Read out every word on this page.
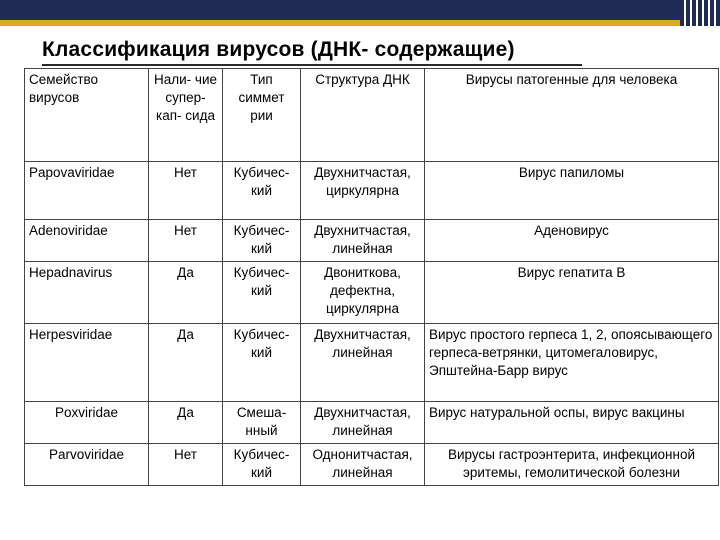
Классификация вирусов (ДНК- содержащие)
Семейство вирусов	Нали- чие супер- кап- сида	Тип симмет рии	Структура ДНК	Вирусы патогенные для человека
Papovaviridae	Нет	Кубичес- кий	Двухнитчастая, циркулярна	Вирус папиломы
Adenoviridae	Нет	Кубичес- кий	Двухнитчастая, линейная	Аденовирус
Hepadnavirus	Да	Кубичес- кий	Двониткова, дефектна, циркулярна	Вирус гепатита В
Herpesviridae	Да	Кубичес- кий	Двухнитчастая, линейная	Вирус простого герпеса 1, 2, опоясывающего герпеса-ветрянки, цитомегаловирус, Эпштейна-Барр вирус
Poxviridae	Да	Смеша- нный	Двухнитчастая, линейная	Вирус натуральной оспы, вирус вакцины
Parvoviridae	Нет	Кубичес- кий	Однонитчастая, линейная	Вирусы гастроэнтерита, инфекционной эритемы, гемолитической болезни
